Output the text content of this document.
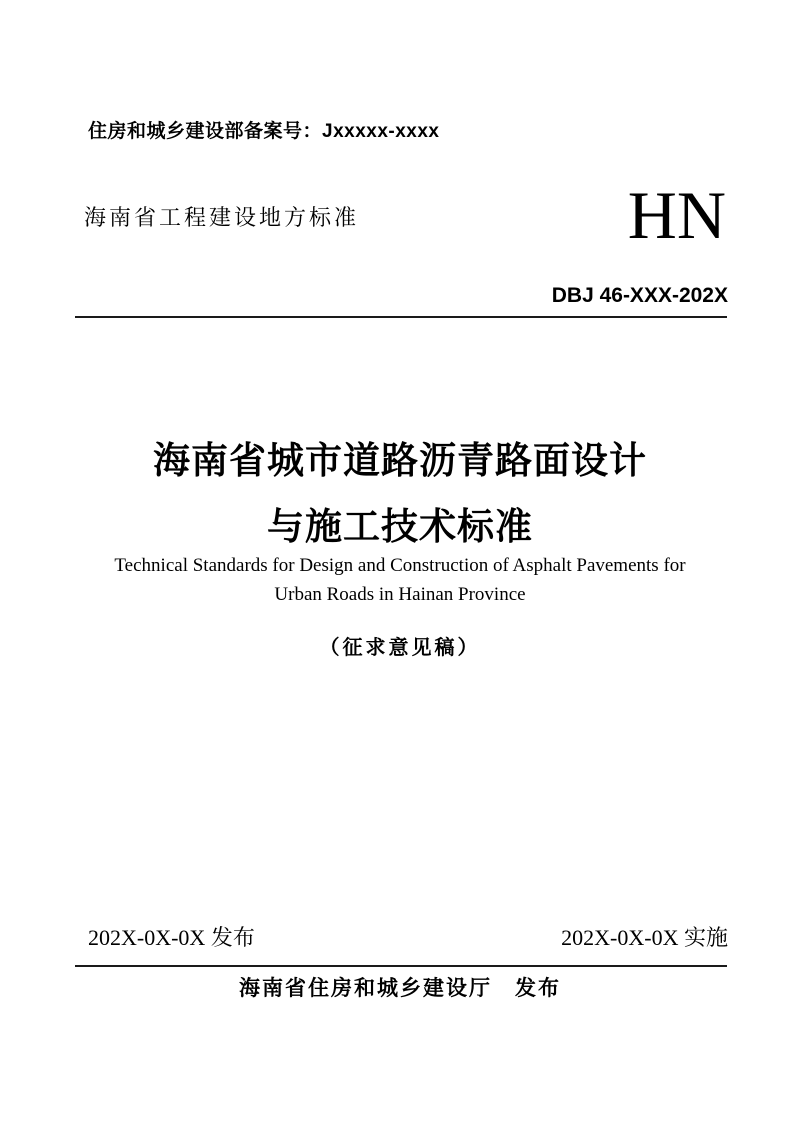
住房和城乡建设部备案号：Jxxxxx-xxxx
海南省工程建设地方标准	HN
DBJ 46-XXX-202X
海南省城市道路沥青路面设计
与施工技术标准
Technical Standards for Design and Construction of Asphalt Pavements for
Urban Roads in Hainan Province
（征求意见稿）
202X-0X-0X 发布	202X-0X-0X 实施
海南省住房和城乡建设厅　发布
